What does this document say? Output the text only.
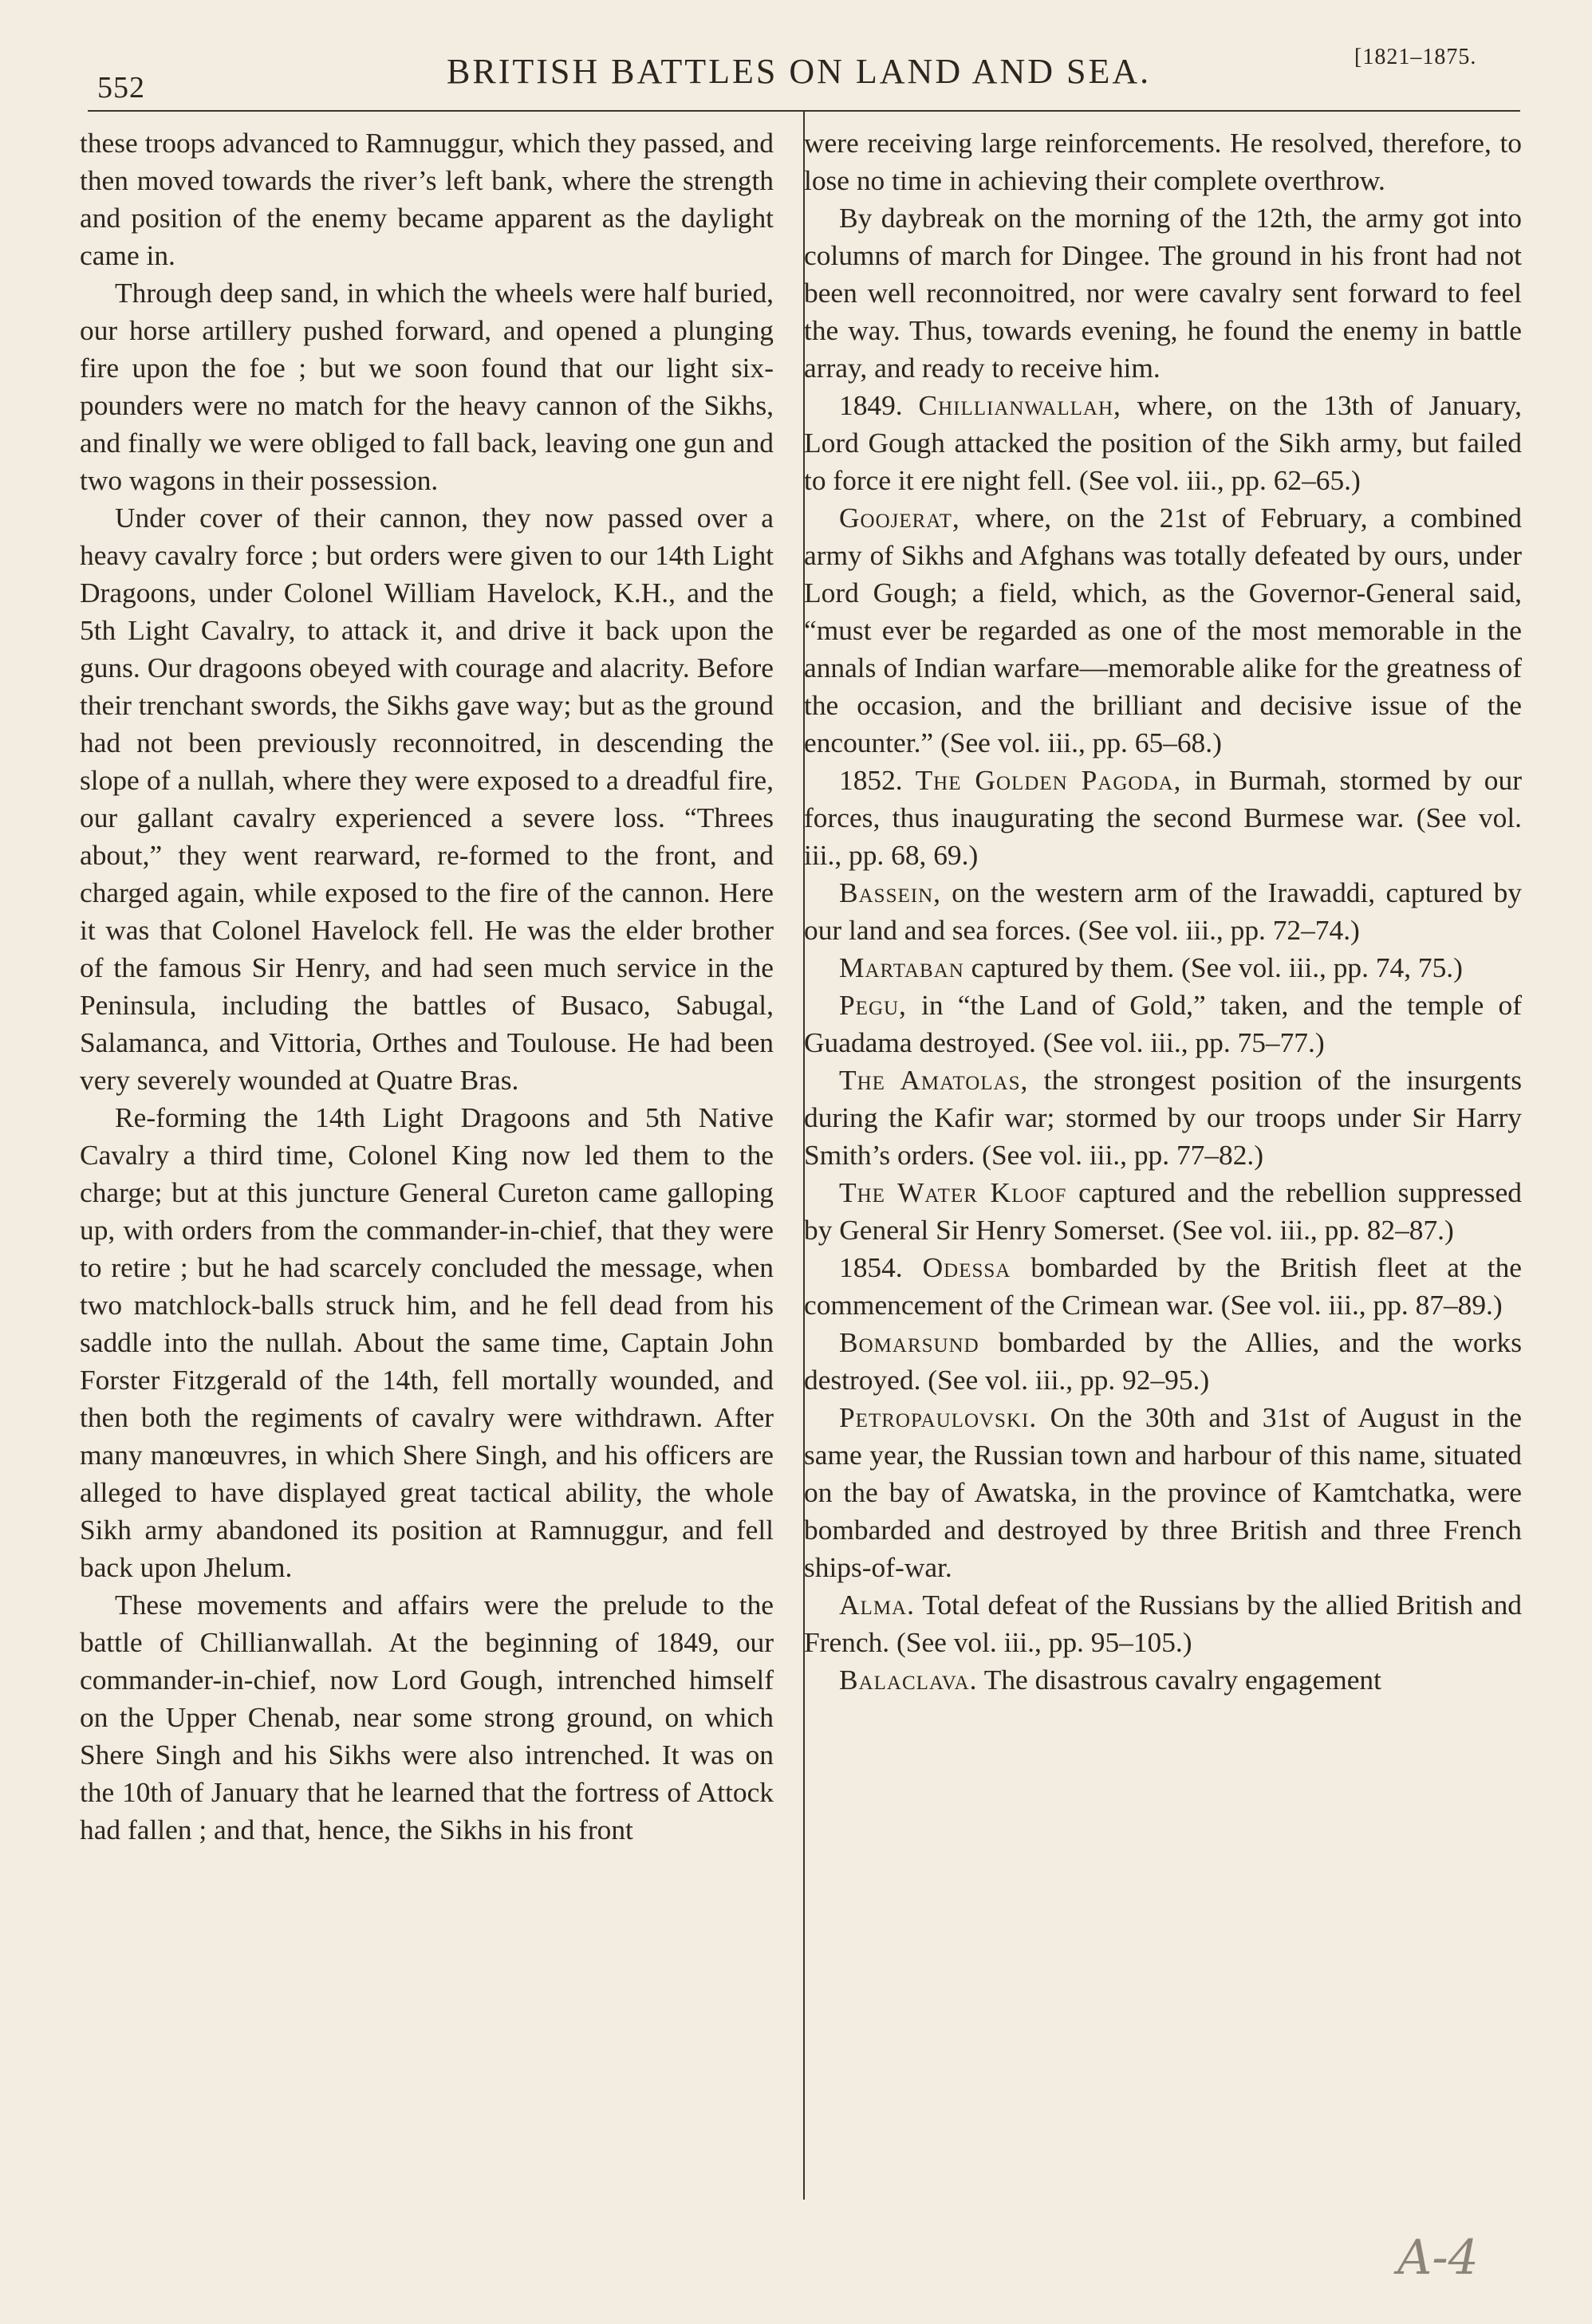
552	BRITISH BATTLES ON LAND AND SEA.	[1821–1875.

these troops advanced to Ramnuggur, which they passed, and then moved towards the river’s left bank, where the strength and position of the enemy became apparent as the daylight came in.

Through deep sand, in which the wheels were half buried, our horse artillery pushed forward, and opened a plunging fire upon the foe ; but we soon found that our light six-pounders were no match for the heavy cannon of the Sikhs, and finally we were obliged to fall back, leaving one gun and two wagons in their possession.

Under cover of their cannon, they now passed over a heavy cavalry force ; but orders were given to our 14th Light Dragoons, under Colonel William Havelock, K.H., and the 5th Light Cavalry, to attack it, and drive it back upon the guns. Our dragoons obeyed with courage and alacrity. Before their trenchant swords, the Sikhs gave way; but as the ground had not been previously reconnoitred, in descending the slope of a nullah, where they were exposed to a dreadful fire, our gallant cavalry experienced a severe loss. “Threes about,” they went rearward, re-formed to the front, and charged again, while exposed to the fire of the cannon. Here it was that Colonel Havelock fell. He was the elder brother of the famous Sir Henry, and had seen much service in the Peninsula, including the battles of Busaco, Sabugal, Salamanca, and Vittoria, Orthes and Toulouse. He had been very severely wounded at Quatre Bras.

Re-forming the 14th Light Dragoons and 5th Native Cavalry a third time, Colonel King now led them to the charge; but at this juncture General Cureton came galloping up, with orders from the commander-in-chief, that they were to retire ; but he had scarcely concluded the message, when two matchlock-balls struck him, and he fell dead from his saddle into the nullah. About the same time, Captain John Forster Fitzgerald of the 14th, fell mortally wounded, and then both the regiments of cavalry were withdrawn. After many manœuvres, in which Shere Singh, and his officers are alleged to have displayed great tactical ability, the whole Sikh army abandoned its position at Ramnuggur, and fell back upon Jhelum.

These movements and affairs were the prelude to the battle of Chillianwallah. At the beginning of 1849, our commander-in-chief, now Lord Gough, intrenched himself on the Upper Chenab, near some strong ground, on which Shere Singh and his Sikhs were also intrenched. It was on the 10th of January that he learned that the fortress of Attock had fallen ; and that, hence, the Sikhs in his front

were receiving large reinforcements. He resolved, therefore, to lose no time in achieving their complete overthrow.

By daybreak on the morning of the 12th, the army got into columns of march for Dingee. The ground in his front had not been well reconnoitred, nor were cavalry sent forward to feel the way. Thus, towards evening, he found the enemy in battle array, and ready to receive him.

1849. Chillianwallah, where, on the 13th of January, Lord Gough attacked the position of the Sikh army, but failed to force it ere night fell. (See vol. iii., pp. 62–65.)

Goojerat, where, on the 21st of February, a combined army of Sikhs and Afghans was totally defeated by ours, under Lord Gough; a field, which, as the Governor-General said, “must ever be regarded as one of the most memorable in the annals of Indian warfare—memorable alike for the greatness of the occasion, and the brilliant and decisive issue of the encounter.” (See vol. iii., pp. 65–68.)

1852. The Golden Pagoda, in Burmah, stormed by our forces, thus inaugurating the second Burmese war. (See vol. iii., pp. 68, 69.)

Bassein, on the western arm of the Irawaddi, captured by our land and sea forces. (See vol. iii., pp. 72–74.)

Martaban captured by them. (See vol. iii., pp. 74, 75.)

Pegu, in “the Land of Gold,” taken, and the temple of Guadama destroyed. (See vol. iii., pp. 75–77.)

The Amatolas, the strongest position of the insurgents during the Kafir war; stormed by our troops under Sir Harry Smith’s orders. (See vol. iii., pp. 77–82.)

The Water Kloof captured and the rebellion suppressed by General Sir Henry Somerset. (See vol. iii., pp. 82–87.)

1854. Odessa bombarded by the British fleet at the commencement of the Crimean war. (See vol. iii., pp. 87–89.)

Bomarsund bombarded by the Allies, and the works destroyed. (See vol. iii., pp. 92–95.)

Petropaulovski. On the 30th and 31st of August in the same year, the Russian town and harbour of this name, situated on the bay of Awatska, in the province of Kamtchatka, were bombarded and destroyed by three British and three French ships-of-war.

Alma. Total defeat of the Russians by the allied British and French. (See vol. iii., pp. 95–105.)

Balaclava. The disastrous cavalry engagement

A-4
